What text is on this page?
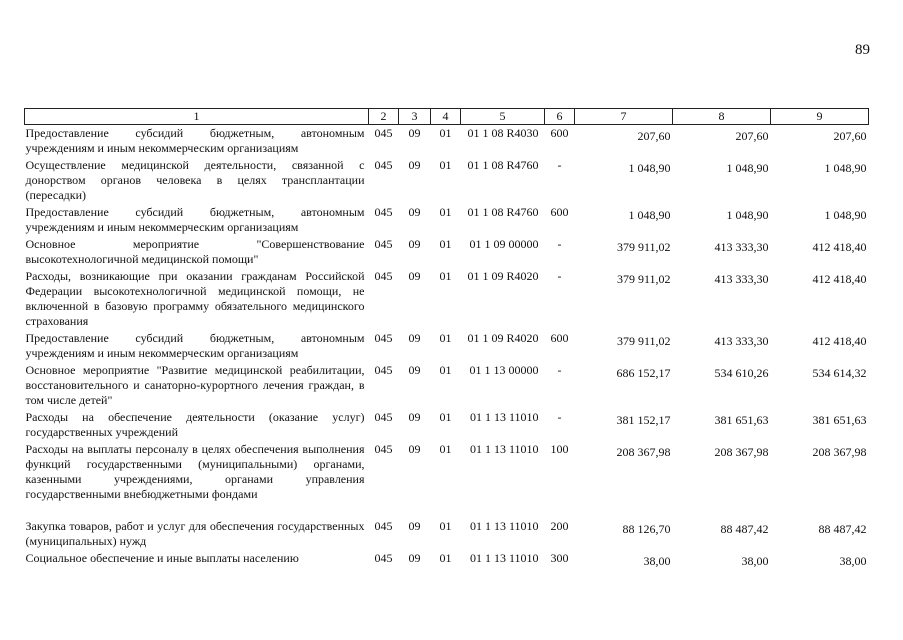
89
1	2	3	4	5	6	7	8	9
Предоставление субсидий бюджетным, автономным учреждениям и иным некоммерческим организациям	045	09	01	01 1 08 R4030	600	207,60	207,60	207,60
Осуществление медицинской деятельности, связанной с донорством органов человека в целях трансплантации (пересадки)	045	09	01	01 1 08 R4760	-	1 048,90	1 048,90	1 048,90
Предоставление субсидий бюджетным, автономным учреждениям и иным некоммерческим организациям	045	09	01	01 1 08 R4760	600	1 048,90	1 048,90	1 048,90
Основное мероприятие "Совершенствование высокотехнологичной медицинской помощи"	045	09	01	01 1 09 00000	-	379 911,02	413 333,30	412 418,40
Расходы, возникающие при оказании гражданам Российской Федерации высокотехнологичной медицинской помощи, не включенной в базовую программу обязательного медицинского страхования	045	09	01	01 1 09 R4020	-	379 911,02	413 333,30	412 418,40
Предоставление субсидий бюджетным, автономным учреждениям и иным некоммерческим организациям	045	09	01	01 1 09 R4020	600	379 911,02	413 333,30	412 418,40
Основное мероприятие "Развитие медицинской реабилитации, восстановительного и санаторно-курортного лечения граждан, в том числе детей"	045	09	01	01 1 13 00000	-	686 152,17	534 610,26	534 614,32
Расходы на обеспечение деятельности (оказание услуг) государственных учреждений	045	09	01	01 1 13 11010	-	381 152,17	381 651,63	381 651,63
Расходы на выплаты персоналу в целях обеспечения выполнения функций государственными (муниципальными) органами, казенными учреждениями, органами управления государственными внебюджетными фондами	045	09	01	01 1 13 11010	100	208 367,98	208 367,98	208 367,98
Закупка товаров, работ и услуг для обеспечения государственных (муниципальных) нужд	045	09	01	01 1 13 11010	200	88 126,70	88 487,42	88 487,42
Социальное обеспечение и иные выплаты населению	045	09	01	01 1 13 11010	300	38,00	38,00	38,00
